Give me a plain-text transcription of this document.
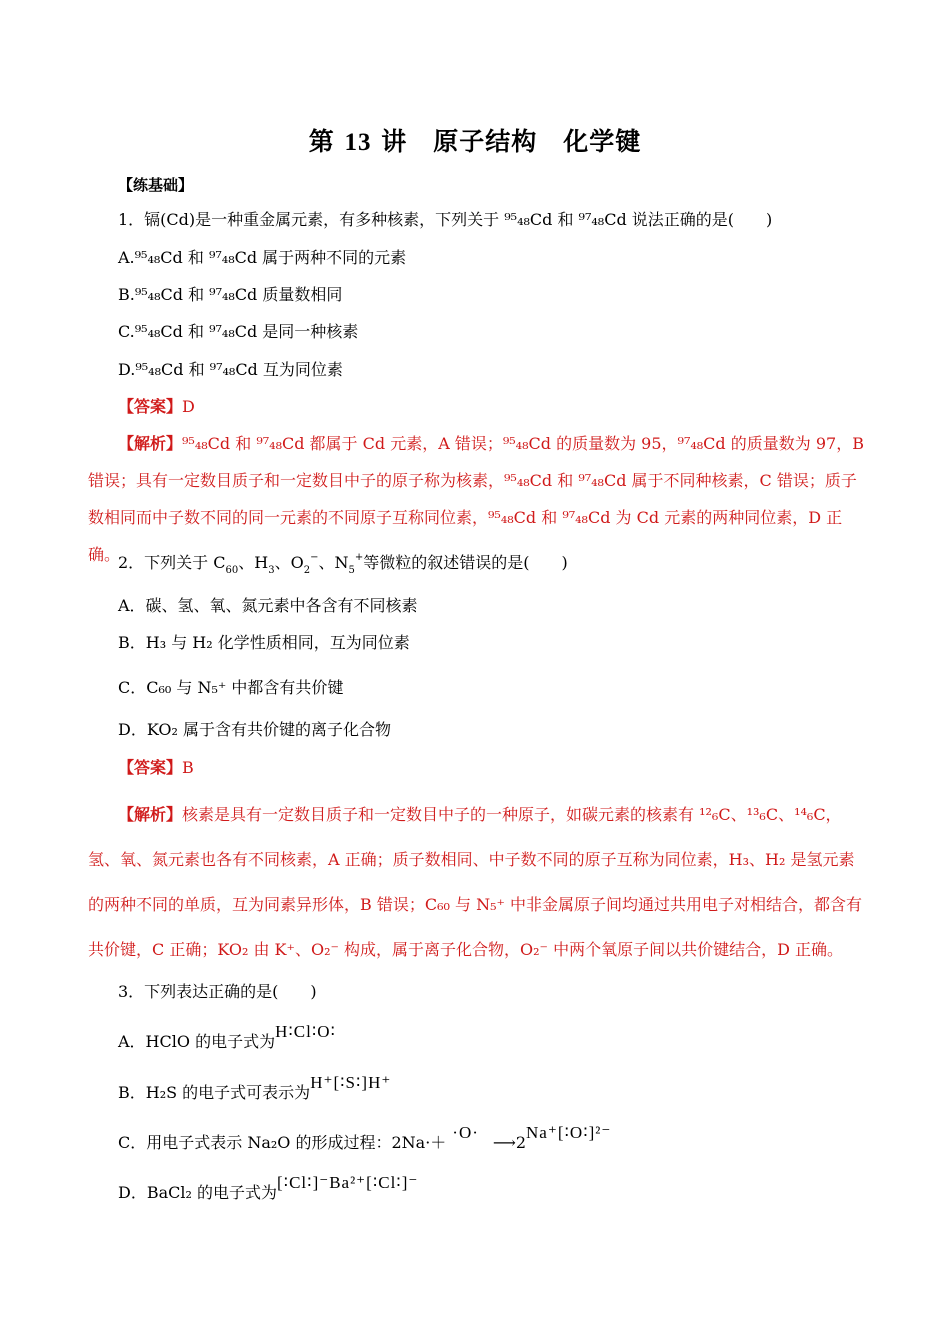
第 13 讲　原子结构　化学键
【练基础】
1．镉(Cd)是一种重金属元素，有多种核素，下列关于 ⁹⁵₄₈Cd 和 ⁹⁷₄₈Cd 说法正确的是(　　)
A.⁹⁵₄₈Cd 和 ⁹⁷₄₈Cd 属于两种不同的元素
B.⁹⁵₄₈Cd 和 ⁹⁷₄₈Cd 质量数相同
C.⁹⁵₄₈Cd 和 ⁹⁷₄₈Cd 是同一种核素
D.⁹⁵₄₈Cd 和 ⁹⁷₄₈Cd 互为同位素
【答案】D
【解析】⁹⁵₄₈Cd 和 ⁹⁷₄₈Cd 都属于 Cd 元素，A 错误；⁹⁵₄₈Cd 的质量数为 95，⁹⁷₄₈Cd 的质量数为 97，B 错误；具有一定数目质子和一定数目中子的原子称为核素，⁹⁵₄₈Cd 和 ⁹⁷₄₈Cd 属于不同种核素，C 错误；质子数相同而中子数不同的同一元素的不同原子互称同位素，⁹⁵₄₈Cd 和 ⁹⁷₄₈Cd 为 Cd 元素的两种同位素，D 正确。
2．下列关于 $C_{60}$、$H_3$、$O_2^-$、$N_5^+$等微粒的叙述错误的是(　　)
A．碳、氢、氧、氮元素中各含有不同核素
B．H₃ 与 H₂ 化学性质相同，互为同位素
C．C₆₀ 与 N₅⁺ 中都含有共价键
D．KO₂ 属于含有共价键的离子化合物
【答案】B
【解析】核素是具有一定数目质子和一定数目中子的一种原子，如碳元素的核素有 ¹²₆C、¹³₆C、¹⁴₆C，氢、氧、氮元素也各有不同核素，A 正确；质子数相同、中子数不同的原子互称为同位素，H₃、H₂ 是氢元素的两种不同的单质，互为同素异形体，B 错误；C₆₀ 与 N₅⁺ 中非金属原子间均通过共用电子对相结合，都含有共价键，C 正确；KO₂ 由 K⁺、O₂⁻ 构成，属于离子化合物，O₂⁻ 中两个氧原子间以共价键结合，D 正确。
3．下列表达正确的是(　　)
A．HClO 的电子式为H∶Cl∶O∶
B．H₂S 的电子式可表示为H⁺[∶S∶]H⁺
C．用电子式表示 Na₂O 的形成过程：2Na·＋·O·⟶2Na⁺[∶O∶]²⁻
D．BaCl₂ 的电子式为[∶Cl∶]⁻Ba²⁺[∶Cl∶]⁻
